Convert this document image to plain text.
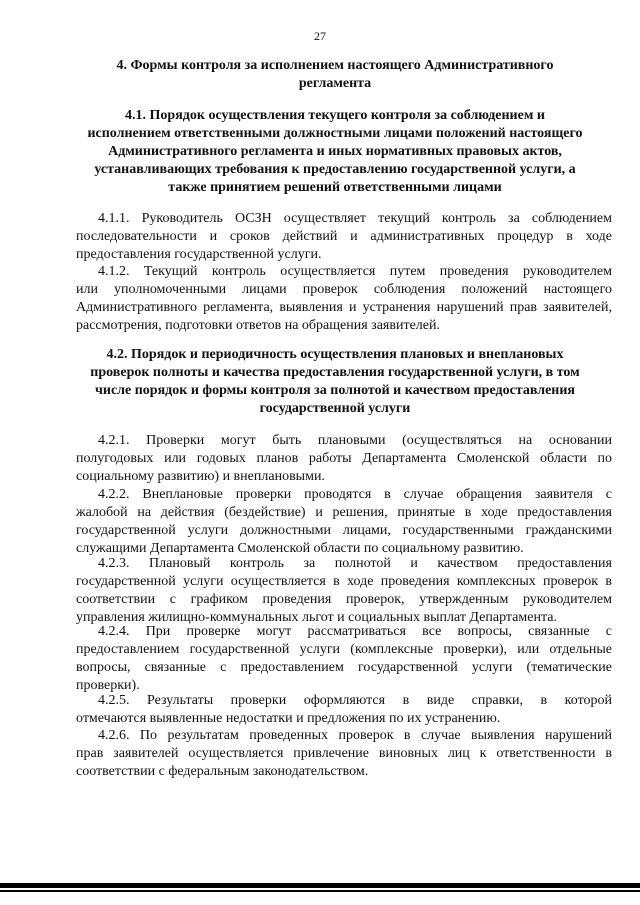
27

4. Формы контроля за исполнением настоящего Административного

регламента

4.1. Порядок осуществления текущего контроля за соблюдением и

исполнением ответственными должностными лицами положений настоящего

Административного регламента и иных нормативных правовых актов,

устанавливающих требования к предоставлению государственной услуги, а

также принятием решений ответственными лицами

4.1.1. Руководитель ОСЗН осуществляет текущий контроль за соблюдением
последовательности и сроков действий и административных процедур в ходе предоставления государственной услуги.
4.1.2. Текущий контроль осуществляется путем проведения руководителем
или уполномоченными лицами проверок соблюдения положений настоящего Административного регламента, выявления и устранения нарушений прав заявителей, рассмотрения, подготовки ответов на обращения заявителей.

4.2. Порядок и периодичность осуществления плановых и внеплановых

проверок полноты и качества предоставления государственной услуги, в том

числе порядок и формы контроля за полнотой и качеством предоставления

государственной услуги

4.2.1. Проверки могут быть плановыми (осуществляться на основании
полугодовых или годовых планов работы Департамента Смоленской области по социальному развитию) и внеплановыми.
4.2.2. Внеплановые проверки проводятся в случае обращения заявителя с
жалобой на действия (бездействие) и решения, принятые в ходе предоставления государственной услуги должностными лицами, государственными гражданскими служащими Департамента Смоленской области по социальному развитию.
4.2.3. Плановый контроль за полнотой и качеством предоставления
государственной услуги осуществляется в ходе проведения комплексных проверок в соответствии с графиком проведения проверок, утвержденным руководителем управления жилищно-коммунальных льгот и социальных выплат Департамента.
4.2.4. При проверке могут рассматриваться все вопросы, связанные с
предоставлением государственной услуги (комплексные проверки), или отдельные вопросы, связанные с предоставлением государственной услуги (тематические проверки).
4.2.5. Результаты проверки оформляются в виде справки, в которой
отмечаются выявленные недостатки и предложения по их устранению.
4.2.6. По результатам проведенных проверок в случае выявления нарушений
прав заявителей осуществляется привлечение виновных лиц к ответственности в соответствии с федеральным законодательством.
